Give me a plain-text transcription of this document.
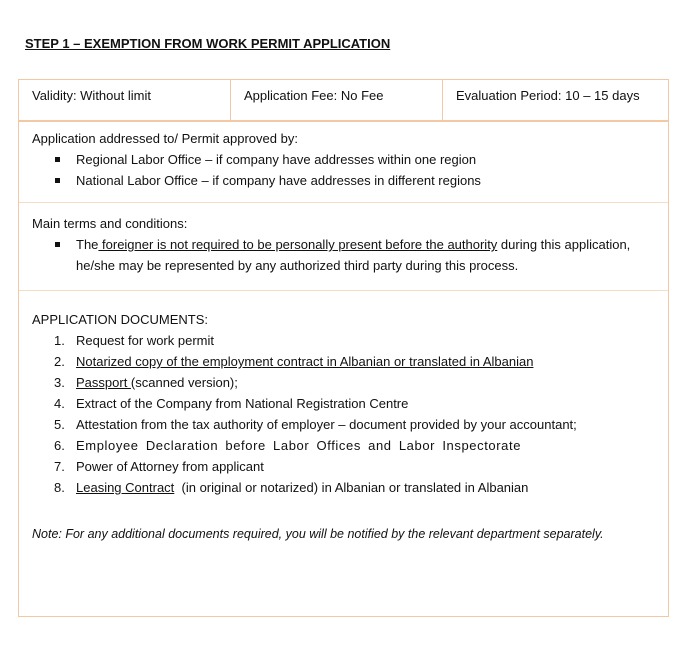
STEP 1 – EXEMPTION FROM WORK PERMIT APPLICATION
Validity: Without limit	Application Fee: No Fee	Evaluation Period: 10 – 15 days
Application addressed to/ Permit approved by:
Regional Labor Office – if company have addresses within one region
National Labor Office – if company have addresses in different regions
Main terms and conditions:
The foreigner is not required to be personally present before the authority during this application, he/she may be represented by any authorized third party during this process.
APPLICATION DOCUMENTS:
1. Request for work permit
2. Notarized copy of the employment contract in Albanian or translated in Albanian
3. Passport (scanned version);
4. Extract of the Company from National Registration Centre
5. Attestation from the tax authority of employer – document provided by your accountant;
6. Employee Declaration before Labor Offices and Labor Inspectorate
7. Power of Attorney from applicant
8. Leasing Contract  (in original or notarized) in Albanian or translated in Albanian
Note: For any additional documents required, you will be notified by the relevant department separately.
